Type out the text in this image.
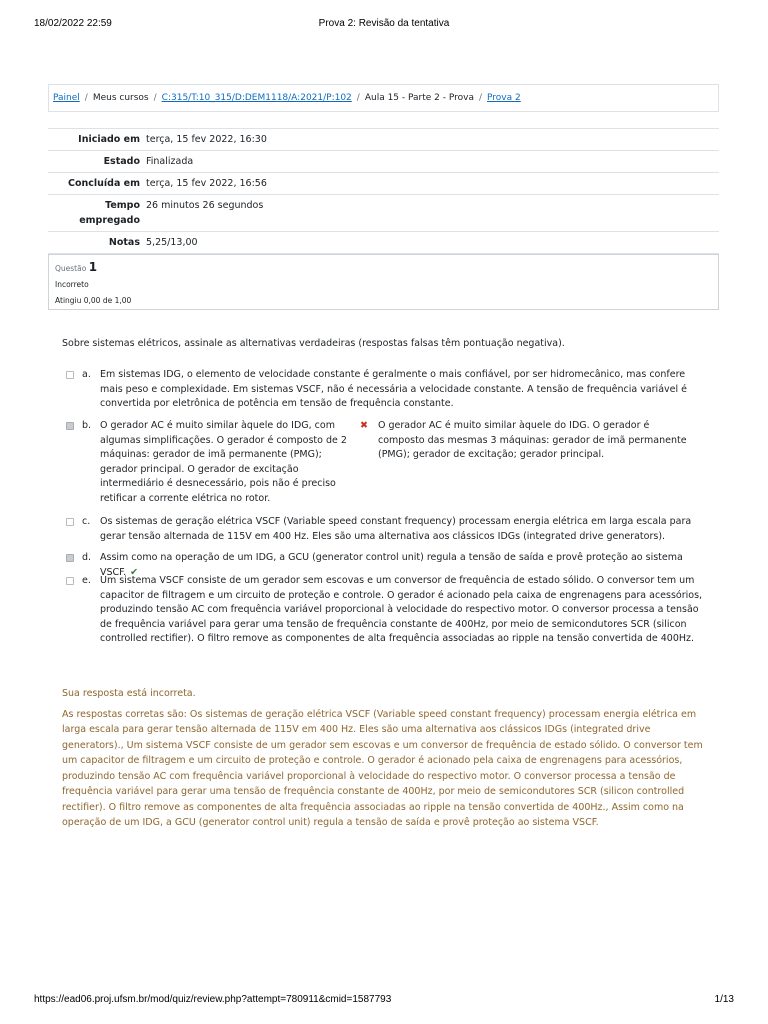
18/02/2022 22:59	Prova 2: Revisão da tentativa
Painel / Meus cursos / C:315/T:10_315/D:DEM1118/A:2021/P:102 / Aula 15 - Parte 2 - Prova / Prova 2
Iniciado em terça, 15 fev 2022, 16:30
Estado Finalizada
Concluída em terça, 15 fev 2022, 16:56
Tempo empregado
26 minutos 26 segundos
Notas 5,25/13,00
Questão 1
Incorreto
Atingiu 0,00 de 1,00
Sobre sistemas elétricos, assinale as alternativas verdadeiras (respostas falsas têm pontuação negativa).
a. Em sistemas IDG, o elemento de velocidade constante é geralmente o mais confiável, por ser hidromecânico, mas confere mais peso e complexidade. Em sistemas VSCF, não é necessária a velocidade constante. A tensão de frequência variável é convertida por eletrônica de potência em tensão de frequência constante.
b. O gerador AC é muito similar àquele do IDG, com algumas simplificações. O gerador é composto de 2 máquinas: gerador de imã permanente (PMG); gerador principal. O gerador de excitação intermediário é desnecessário, pois não é preciso retificar a corrente elétrica no rotor.
✖	O gerador AC é muito similar àquele do IDG. O gerador é composto das mesmas 3 máquinas: gerador de imã permanente (PMG); gerador de excitação; gerador principal.
c.	Os sistemas de geração elétrica VSCF (Variable speed constant frequency) processam energia elétrica em larga escala para gerar tensão alternada de 115V em 400 Hz. Eles são uma alternativa aos clássicos IDGs (integrated drive generators).
d. Assim como na operação de um IDG, a GCU (generator control unit) regula a tensão de saída e provê proteção ao sistema VSCF. ✔
e. Um sistema VSCF consiste de um gerador sem escovas e um conversor de frequência de estado sólido. O conversor tem um capacitor de filtragem e um circuito de proteção e controle. O gerador é acionado pela caixa de engrenagens para acessórios, produzindo tensão AC com frequência variável proporcional à velocidade do respectivo motor. O conversor processa a tensão de frequência variável para gerar uma tensão de frequência constante de 400Hz, por meio de semicondutores SCR (silicon controlled rectifier). O filtro remove as componentes de alta frequência associadas ao ripple na tensão convertida de 400Hz.
Sua resposta está incorreta.
As respostas corretas são: Os sistemas de geração elétrica VSCF (Variable speed constant frequency) processam energia elétrica em larga escala para gerar tensão alternada de 115V em 400 Hz. Eles são uma alternativa aos clássicos IDGs (integrated drive generators)., Um sistema VSCF consiste de um gerador sem escovas e um conversor de frequência de estado sólido. O conversor tem um capacitor de filtragem e um circuito de proteção e controle. O gerador é acionado pela caixa de engrenagens para acessórios, produzindo tensão AC com frequência variável proporcional à velocidade do respectivo motor. O conversor processa a tensão de frequência variável para gerar uma tensão de frequência constante de 400Hz, por meio de semicondutores SCR (silicon controlled rectifier). O filtro remove as componentes de alta frequência associadas ao ripple na tensão convertida de 400Hz., Assim como na operação de um IDG, a GCU (generator control unit) regula a tensão de saída e provê proteção ao sistema VSCF.
https://ead06.proj.ufsm.br/mod/quiz/review.php?attempt=780911&cmid=1587793	1/13
